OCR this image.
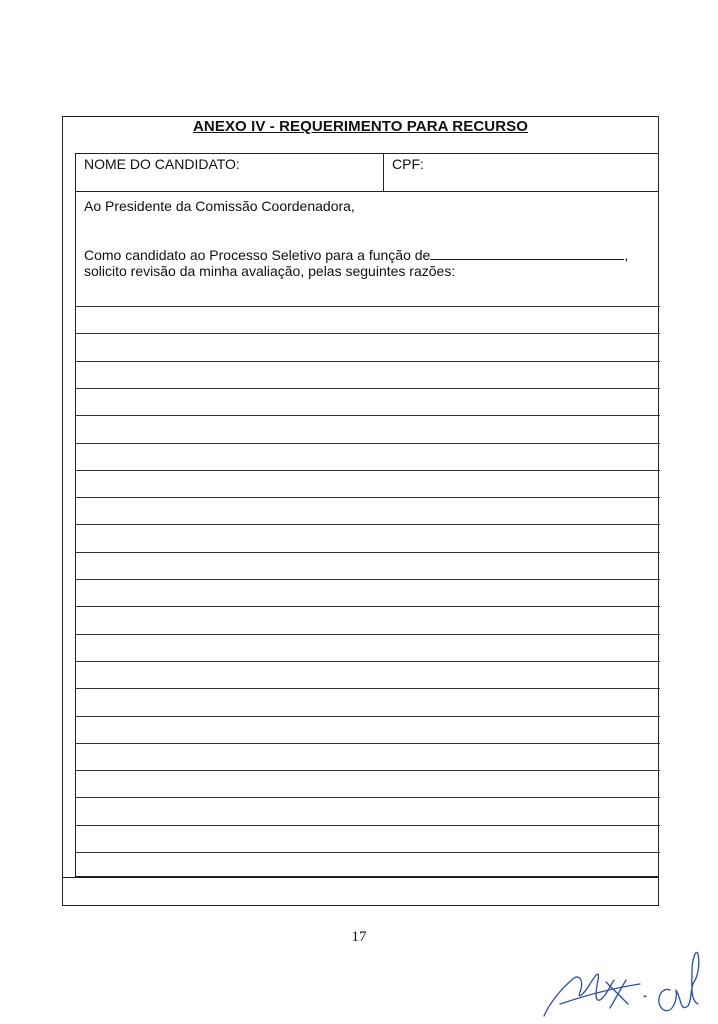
ANEXO IV - REQUERIMENTO PARA RECURSO
NOME DO CANDIDATO:	CPF:
Ao Presidente da Comissão Coordenadora,
Como candidato ao Processo Seletivo para a função de	,
solicito revisão da minha avaliação, pelas seguintes razões:
17
